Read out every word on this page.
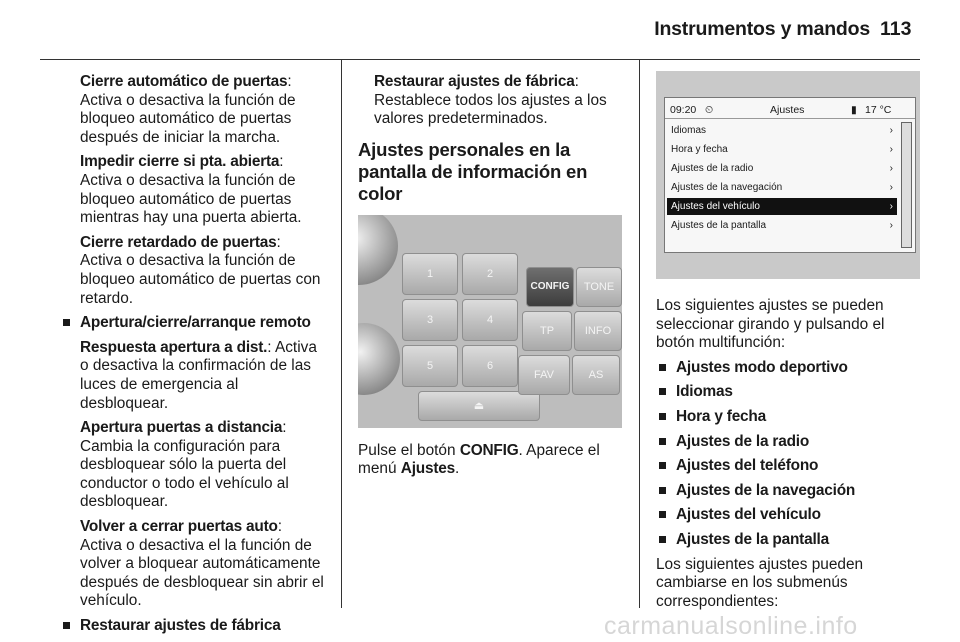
Instrumentos y mandos 113

Cierre automático de puertas: Activa o desactiva la función de bloqueo automático de puertas después de iniciar la marcha.

Impedir cierre si pta. abierta: Activa o desactiva la función de bloqueo automático de puertas mientras hay una puerta abierta.

Cierre retardado de puertas: Activa o desactiva la función de bloqueo automático de puertas con retardo.

Apertura/cierre/arranque remoto

Respuesta apertura a dist.: Activa o desactiva la confirmación de las luces de emergencia al desbloquear.

Apertura puertas a distancia: Cambia la configuración para desbloquear sólo la puerta del conductor o todo el vehículo al desbloquear.

Volver a cerrar puertas auto: Activa o desactiva el la función de volver a bloquear automáticamente después de desbloquear sin abrir el vehículo.

Restaurar ajustes de fábrica

Restaurar ajustes de fábrica: Restablece todos los ajustes a los valores predeterminados.

Ajustes personales en la pantalla de información en color
1	2
3	4
5	6
⏏
CONFIG	TONE
TP	INFO
FAV	AS

Pulse el botón CONFIG. Aparece el menú Ajustes.

09:20 ⏲	Ajustes	▮ 17 °C
Idiomas	›
Hora y fecha	›
Ajustes de la radio	›
Ajustes de la navegación	›
Ajustes del vehículo	›
Ajustes de la pantalla	›

Los siguientes ajustes se pueden seleccionar girando y pulsando el botón multifunción:

Ajustes modo deportivo

Idiomas

Hora y fecha

Ajustes de la radio

Ajustes del teléfono

Ajustes de la navegación

Ajustes del vehículo

Ajustes de la pantalla

Los siguientes ajustes pueden cambiarse en los submenús correspondientes:

carmanualsonline.info
